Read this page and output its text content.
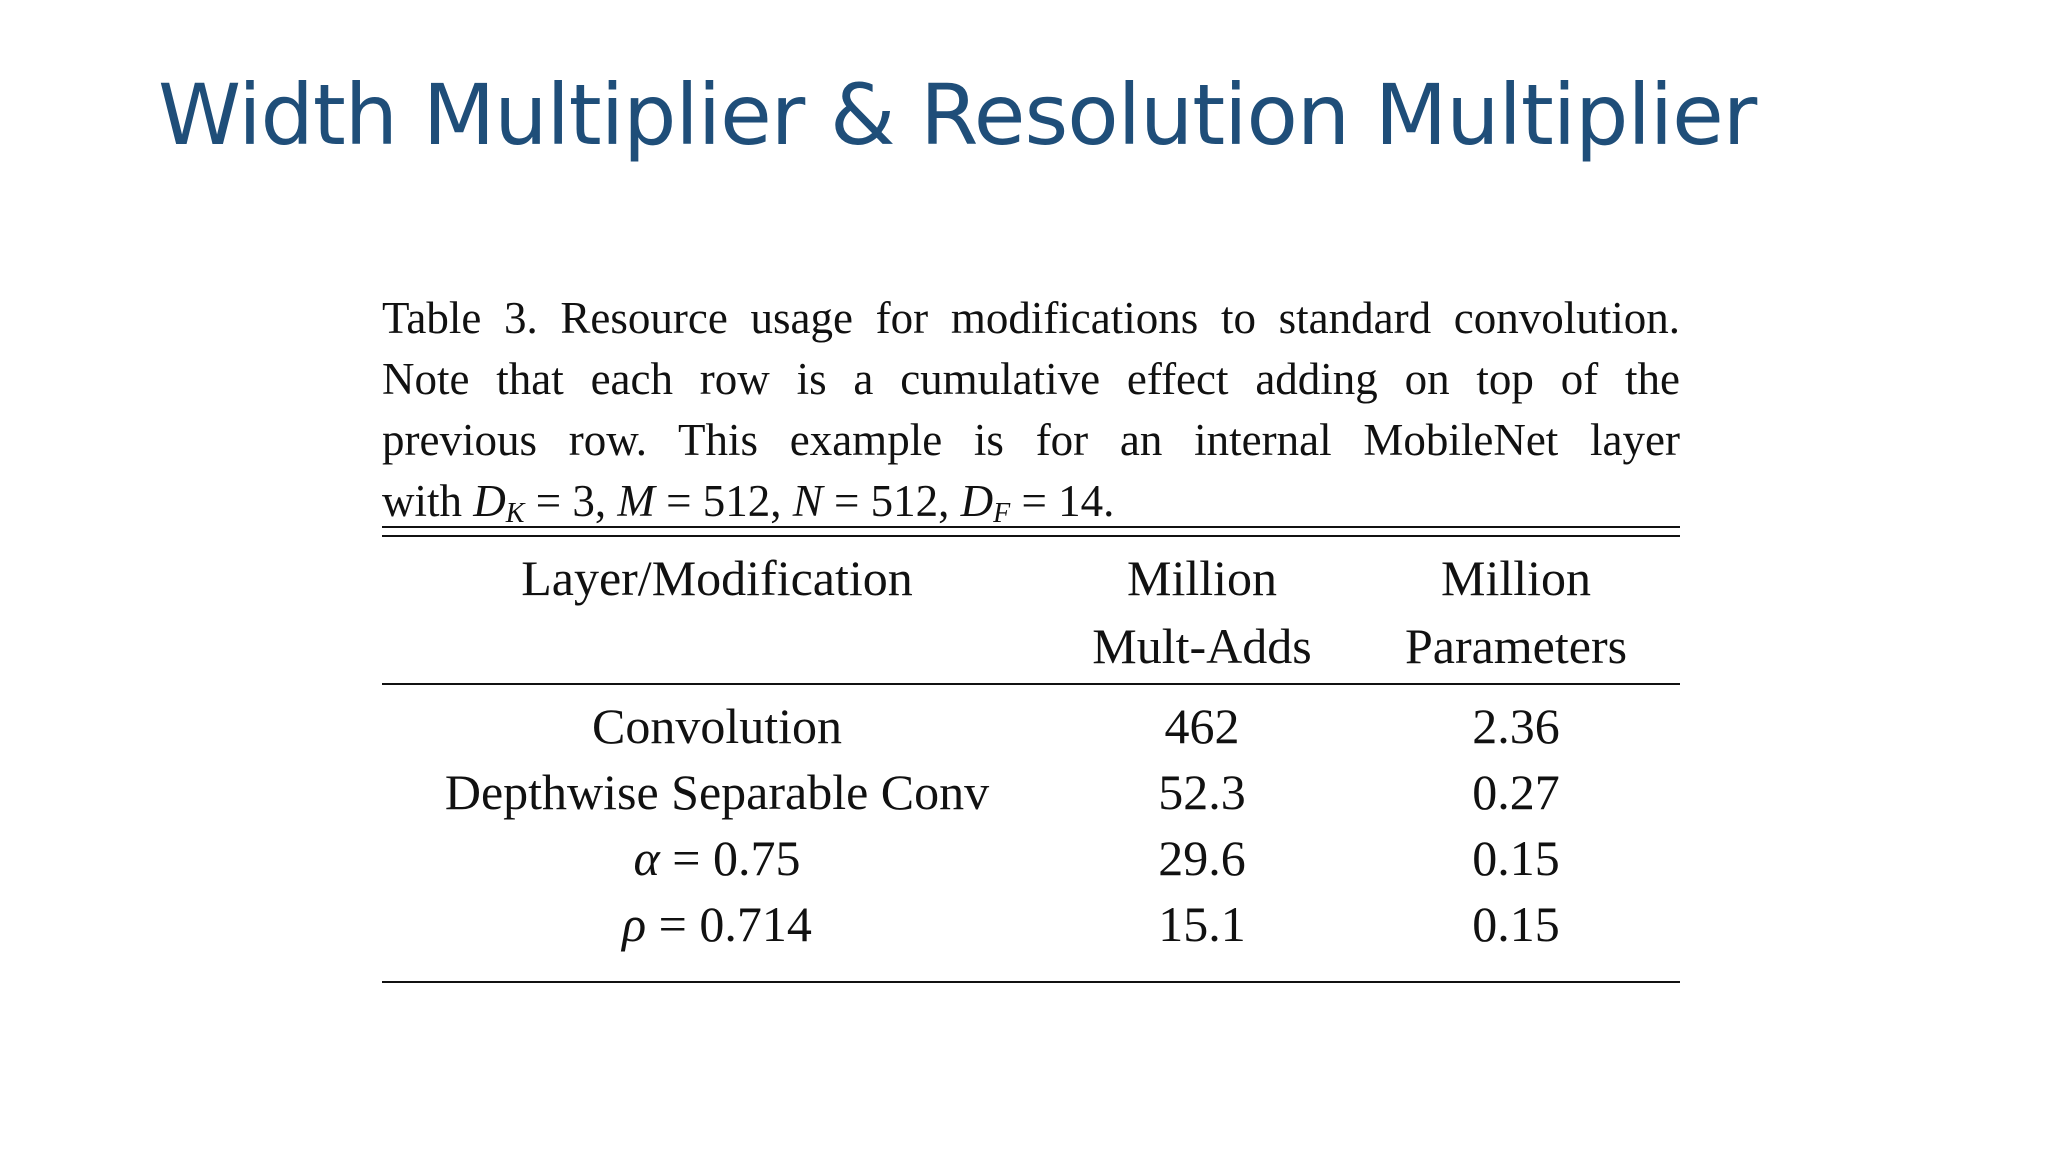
Width Multiplier & Resolution Multiplier

Table 3. Resource usage for modifications to standard convolution.
Note that each row is a cumulative effect adding on top of the
previous row. This example is for an internal MobileNet layer
with $D_K = 3$, M = 512, N = 512, $D_F = 14$.

Layer/Modification	Million	Million
	Mult-Adds	Parameters

Convolution	462	2.36
Depthwise Separable Conv	52.3	0.27
α = 0.75	29.6	0.15
ρ = 0.714	15.1	0.15
